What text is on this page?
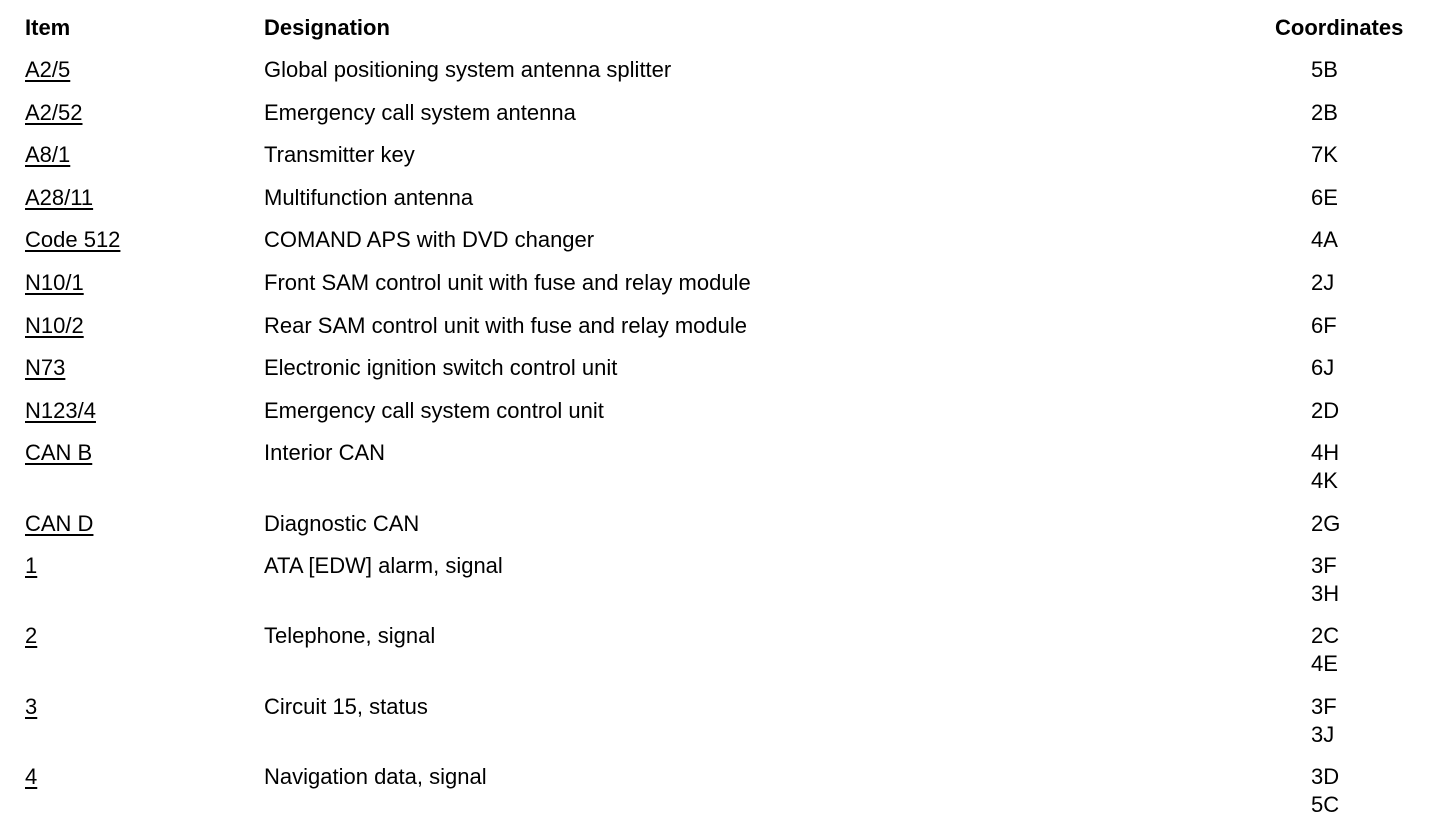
Item	Designation	Coordinates
A2/5	Global positioning system antenna splitter	5B
A2/52	Emergency call system antenna	2B
A8/1	Transmitter key	7K
A28/11	Multifunction antenna	6E
Code 512	COMAND APS with DVD changer	4A
N10/1	Front SAM control unit with fuse and relay module	2J
N10/2	Rear SAM control unit with fuse and relay module	6F
N73	Electronic ignition switch control unit	6J
N123/4	Emergency call system control unit	2D
CAN B	Interior CAN	4H
4K
CAN D	Diagnostic CAN	2G
1	ATA [EDW] alarm, signal	3F
3H
2	Telephone, signal	2C
4E
3	Circuit 15, status	3F
3J
4	Navigation data, signal	3D
5C
